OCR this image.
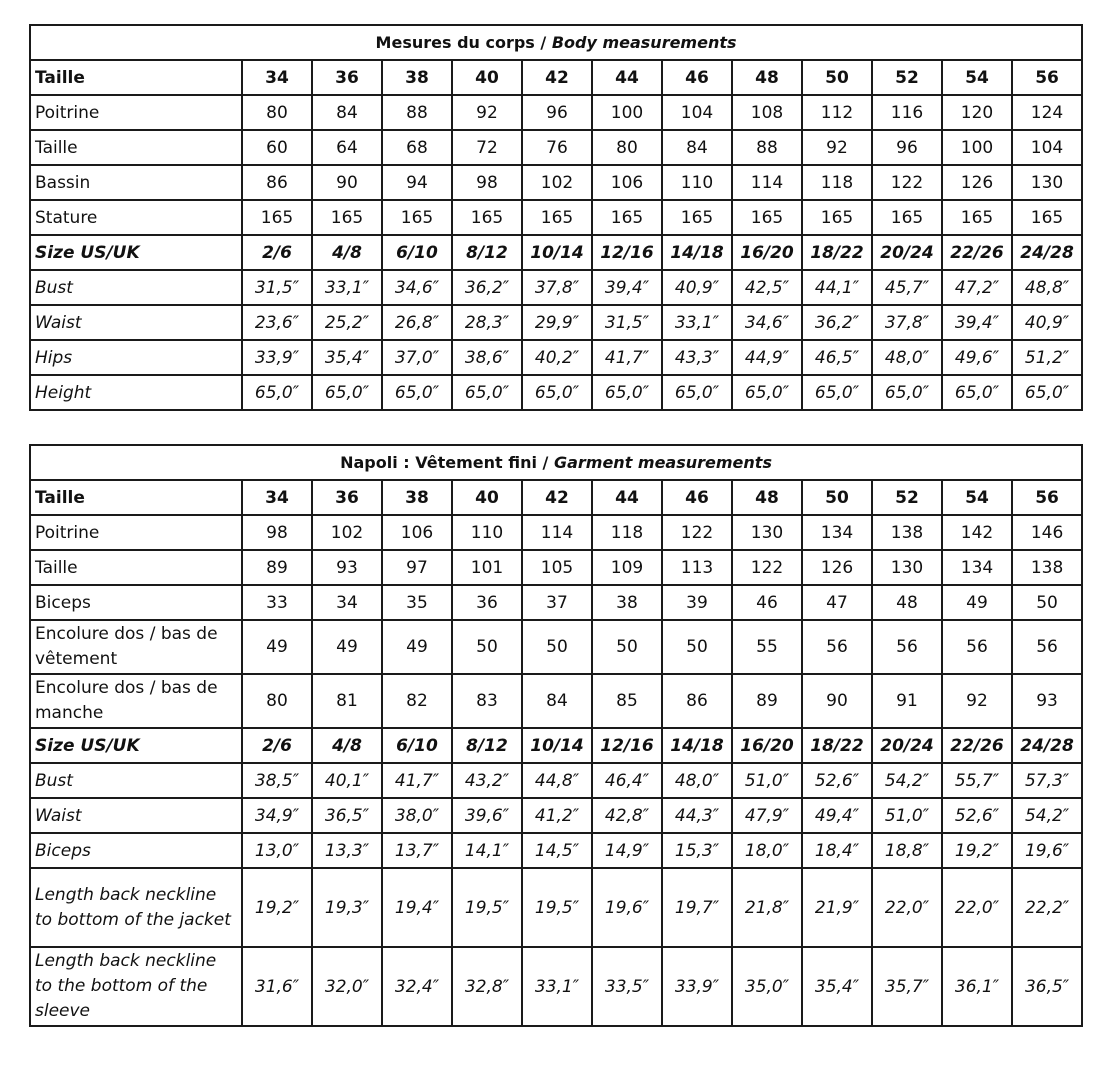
Mesures du corps / Body measurements												
Taille	34	36	38	40	42	44	46	48	50	52	54	56
Poitrine	80	84	88	92	96	100	104	108	112	116	120	124
Taille	60	64	68	72	76	80	84	88	92	96	100	104
Bassin	86	90	94	98	102	106	110	114	118	122	126	130
Stature	165	165	165	165	165	165	165	165	165	165	165	165
Size US/UK	2/6	4/8	6/10	8/12	10/14	12/16	14/18	16/20	18/22	20/24	22/26	24/28
Bust	31,5″	33,1″	34,6″	36,2″	37,8″	39,4″	40,9″	42,5″	44,1″	45,7″	47,2″	48,8″
Waist	23,6″	25,2″	26,8″	28,3″	29,9″	31,5″	33,1″	34,6″	36,2″	37,8″	39,4″	40,9″
Hips	33,9″	35,4″	37,0″	38,6″	40,2″	41,7″	43,3″	44,9″	46,5″	48,0″	49,6″	51,2″
Height	65,0″	65,0″	65,0″	65,0″	65,0″	65,0″	65,0″	65,0″	65,0″	65,0″	65,0″	65,0″
Napoli : Vêtement fini / Garment measurements												
Taille	34	36	38	40	42	44	46	48	50	52	54	56
Poitrine	98	102	106	110	114	118	122	130	134	138	142	146
Taille	89	93	97	101	105	109	113	122	126	130	134	138
Biceps	33	34	35	36	37	38	39	46	47	48	49	50
Encolure dos / bas de vêtement	49	49	49	50	50	50	50	55	56	56	56	56
Encolure dos / bas de manche	80	81	82	83	84	85	86	89	90	91	92	93
Size US/UK	2/6	4/8	6/10	8/12	10/14	12/16	14/18	16/20	18/22	20/24	22/26	24/28
Bust	38,5″	40,1″	41,7″	43,2″	44,8″	46,4″	48,0″	51,0″	52,6″	54,2″	55,7″	57,3″
Waist	34,9″	36,5″	38,0″	39,6″	41,2″	42,8″	44,3″	47,9″	49,4″	51,0″	52,6″	54,2″
Biceps	13,0″	13,3″	13,7″	14,1″	14,5″	14,9″	15,3″	18,0″	18,4″	18,8″	19,2″	19,6″
Length back neckline to bottom of the jacket	19,2″	19,3″	19,4″	19,5″	19,5″	19,6″	19,7″	21,8″	21,9″	22,0″	22,0″	22,2″
Length back neckline to the bottom of the sleeve	31,6″	32,0″	32,4″	32,8″	33,1″	33,5″	33,9″	35,0″	35,4″	35,7″	36,1″	36,5″
